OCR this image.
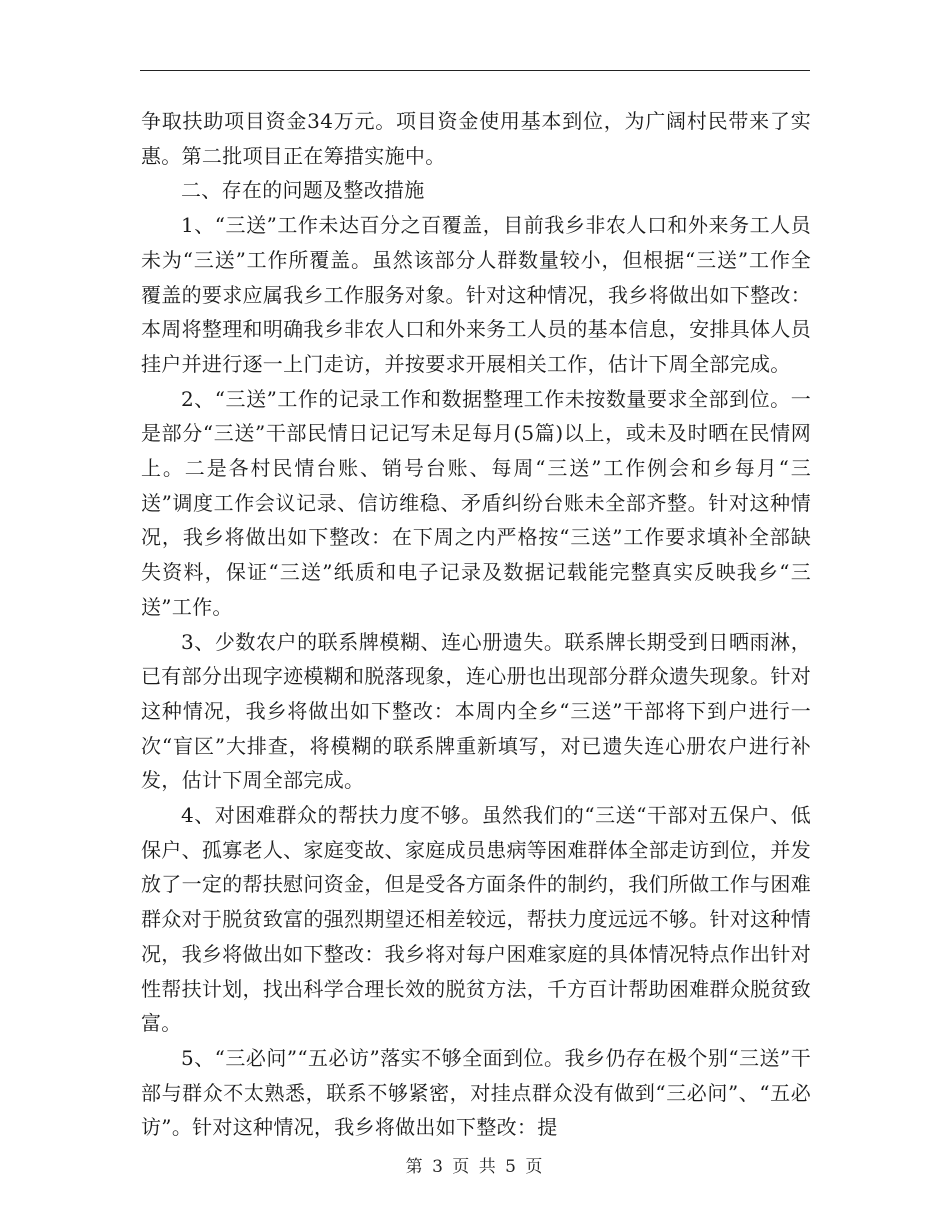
争取扶助项目资金34万元。项目资金使用基本到位，为广阔村民带来了实惠。第二批项目正在筹措实施中。

二、存在的问题及整改措施

1、“三送”工作未达百分之百覆盖，目前我乡非农人口和外来务工人员未为“三送”工作所覆盖。虽然该部分人群数量较小，但根据“三送”工作全覆盖的要求应属我乡工作服务对象。针对这种情况，我乡将做出如下整改：本周将整理和明确我乡非农人口和外来务工人员的基本信息，安排具体人员挂户并进行逐一上门走访，并按要求开展相关工作，估计下周全部完成。

2、“三送”工作的记录工作和数据整理工作未按数量要求全部到位。一是部分“三送”干部民情日记记写未足每月(5篇)以上，或未及时晒在民情网上。二是各村民情台账、销号台账、每周“三送”工作例会和乡每月“三送”调度工作会议记录、信访维稳、矛盾纠纷台账未全部齐整。针对这种情况，我乡将做出如下整改：在下周之内严格按“三送”工作要求填补全部缺失资料，保证“三送”纸质和电子记录及数据记载能完整真实反映我乡“三送”工作。

3、少数农户的联系牌模糊、连心册遗失。联系牌长期受到日晒雨淋，已有部分出现字迹模糊和脱落现象，连心册也出现部分群众遗失现象。针对这种情况，我乡将做出如下整改：本周内全乡“三送”干部将下到户进行一次“盲区”大排查，将模糊的联系牌重新填写，对已遗失连心册农户进行补发，估计下周全部完成。

4、对困难群众的帮扶力度不够。虽然我们的“三送“干部对五保户、低保户、孤寡老人、家庭变故、家庭成员患病等困难群体全部走访到位，并发放了一定的帮扶慰问资金，但是受各方面条件的制约，我们所做工作与困难群众对于脱贫致富的强烈期望还相差较远，帮扶力度远远不够。针对这种情况，我乡将做出如下整改：我乡将对每户困难家庭的具体情况特点作出针对性帮扶计划，找出科学合理长效的脱贫方法，千方百计帮助困难群众脱贫致富。

5、“三必问”“五必访”落实不够全面到位。我乡仍存在极个别“三送”干部与群众不太熟悉，联系不够紧密，对挂点群众没有做到“三必问”、“五必访”。针对这种情况，我乡将做出如下整改：提

第 3 页 共 5 页
